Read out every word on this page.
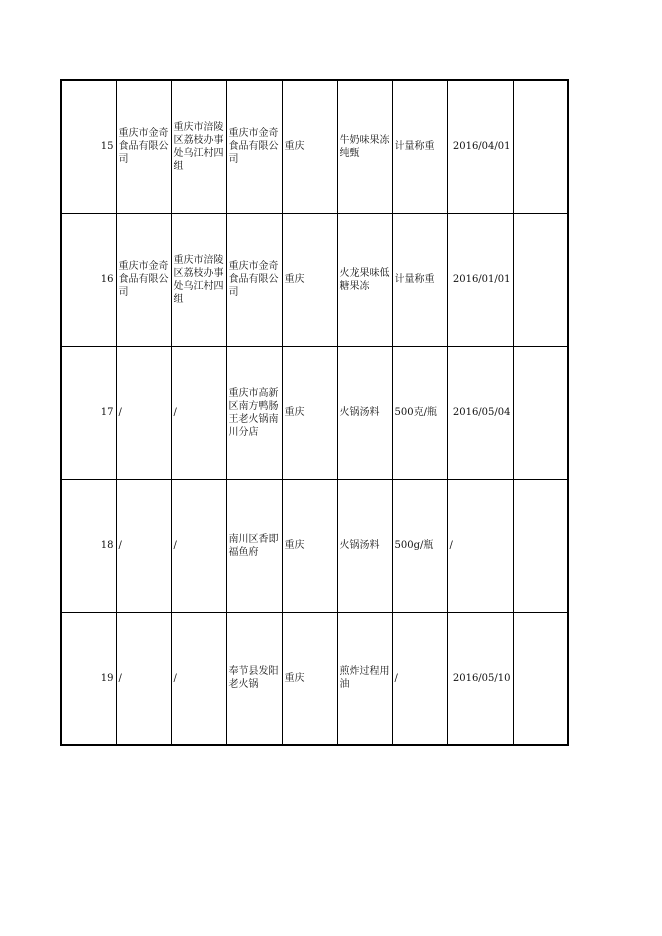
15	重庆市金奇食品有限公司	重庆市涪陵区荔枝办事处乌江村四组	重庆市金奇食品有限公司	重庆	牛奶味果冻纯甄	计量称重	2016/04/01	
16	重庆市金奇食品有限公司	重庆市涪陵区荔枝办事处乌江村四组	重庆市金奇食品有限公司	重庆	火龙果味低糖果冻	计量称重	2016/01/01	
17	/	/	重庆市高新区南方鸭肠王老火锅南川分店	重庆	火锅汤料	500克/瓶	2016/05/04	
18	/	/	南川区香即福鱼府	重庆	火锅汤料	500g/瓶	/	
19	/	/	奉节县发阳老火锅	重庆	煎炸过程用油	/	2016/05/10	
